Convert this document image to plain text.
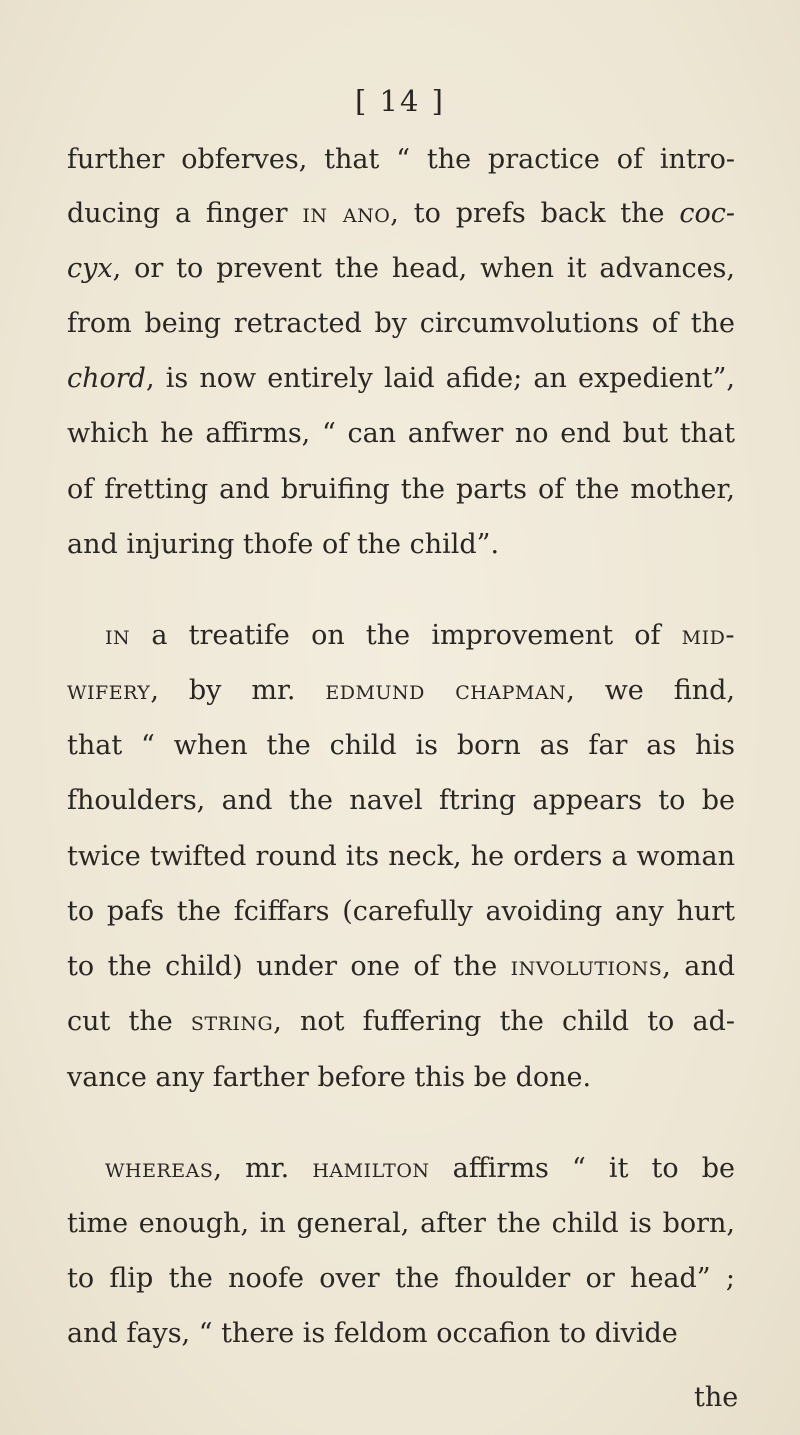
[ 14 ]
further obferves, that “ the practice of intro-
ducing a finger in ano, to prefs back the coc-
cyx, or to prevent the head, when it advances,
from being retracted by circumvolutions of the
chord, is now entirely laid afide; an expedient”,
which he affirms, “ can anfwer no end but that
of fretting and bruifing the parts of the mother,
and injuring thofe of the child”.
in a treatife on the improvement of mid-
wifery, by mr. edmund chapman, we find,
that “ when the child is born as far as his
fhoulders, and the navel ftring appears to be
twice twifted round its neck, he orders a woman
to pafs the fciffars (carefully avoiding any hurt
to the child) under one of the involutions, and
cut the string, not fuffering the child to ad-
vance any farther before this be done.
whereas, mr. hamilton affirms “ it to be
time enough, in general, after the child is born,
to flip the noofe over the fhoulder or head” ;
and fays, “ there is feldom occafion to divide
the
